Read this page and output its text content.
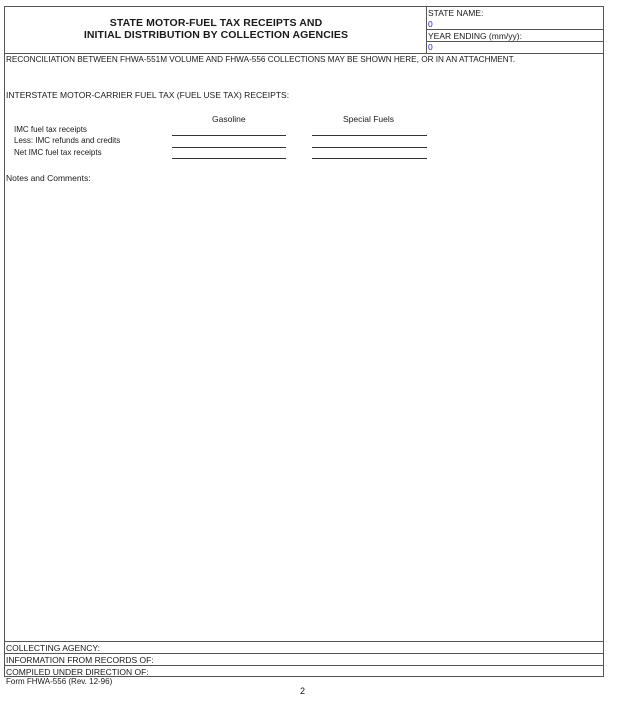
STATE MOTOR-FUEL TAX RECEIPTS AND
INITIAL DISTRIBUTION BY COLLECTION AGENCIES
STATE NAME:
0
YEAR ENDING (mm/yy):
0
RECONCILIATION BETWEEN FHWA-551M VOLUME AND FHWA-556 COLLECTIONS MAY BE SHOWN HERE, OR IN AN ATTACHMENT.
INTERSTATE MOTOR-CARRIER FUEL TAX (FUEL USE TAX) RECEIPTS:
Gasoline	Special Fuels
IMC fuel tax receipts
Less: IMC refunds and credits
Net IMC fuel tax receipts
Notes and Comments:
COLLECTING AGENCY:
INFORMATION FROM RECORDS OF:
COMPILED UNDER DIRECTION OF:
Form FHWA-556 (Rev. 12-96)
2
